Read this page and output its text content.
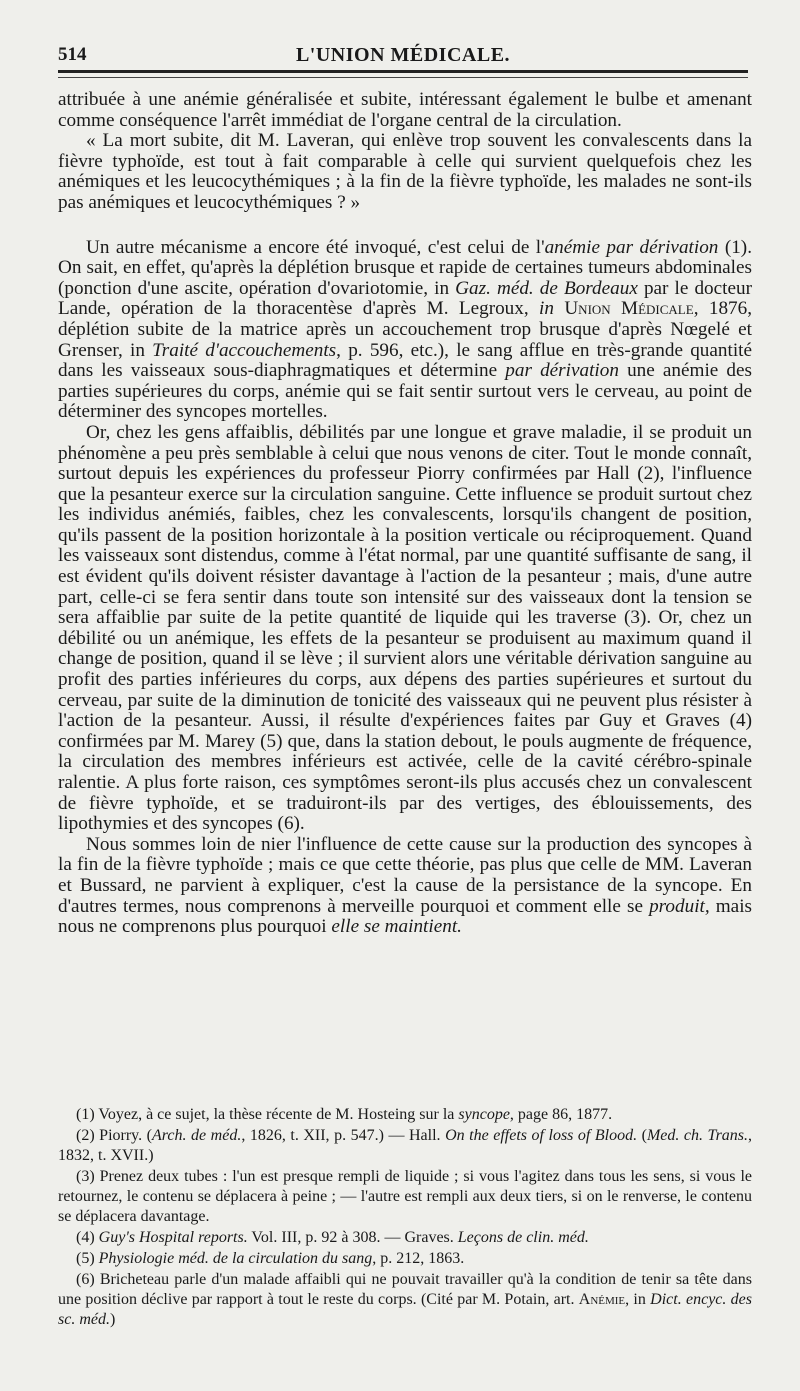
514	L'UNION MÉDICALE.

attribuée à une anémie généralisée et subite, intéressant également le bulbe et amenant comme conséquence l'arrêt immédiat de l'organe central de la circulation.

« La mort subite, dit M. Laveran, qui enlève trop souvent les convalescents dans la fièvre typhoïde, est tout à fait comparable à celle qui survient quelquefois chez les anémiques et les leucocythémiques ; à la fin de la fièvre typhoïde, les malades ne sont-ils pas anémiques et leucocythémiques ? »

Un autre mécanisme a encore été invoqué, c'est celui de l'anémie par dérivation (1). On sait, en effet, qu'après la déplétion brusque et rapide de certaines tumeurs abdominales (ponction d'une ascite, opération d'ovariotomie, in Gaz. méd. de Bordeaux par le docteur Lande, opération de la thoracentèse d'après M. Legroux, in Union Médicale, 1876, déplétion subite de la matrice après un accouchement trop brusque d'après Nœgelé et Grenser, in Traité d'accouchements, p. 596, etc.), le sang afflue en très-grande quantité dans les vaisseaux sous-diaphragmatiques et détermine par dérivation une anémie des parties supérieures du corps, anémie qui se fait sentir surtout vers le cerveau, au point de déterminer des syncopes mortelles.

Or, chez les gens affaiblis, débilités par une longue et grave maladie, il se produit un phénomène a peu près semblable à celui que nous venons de citer. Tout le monde connaît, surtout depuis les expériences du professeur Piorry confirmées par Hall (2), l'influence que la pesanteur exerce sur la circulation sanguine. Cette influence se produit surtout chez les individus anémiés, faibles, chez les convalescents, lorsqu'ils changent de position, qu'ils passent de la position horizontale à la position verticale ou réciproquement. Quand les vaisseaux sont distendus, comme à l'état normal, par une quantité suffisante de sang, il est évident qu'ils doivent résister davantage à l'action de la pesanteur ; mais, d'une autre part, celle-ci se fera sentir dans toute son intensité sur des vaisseaux dont la tension se sera affaiblie par suite de la petite quantité de liquide qui les traverse (3). Or, chez un débilité ou un anémique, les effets de la pesanteur se produisent au maximum quand il change de position, quand il se lève ; il survient alors une véritable dérivation sanguine au profit des parties inférieures du corps, aux dépens des parties supérieures et surtout du cerveau, par suite de la diminution de tonicité des vaisseaux qui ne peuvent plus résister à l'action de la pesanteur. Aussi, il résulte d'expériences faites par Guy et Graves (4) confirmées par M. Marey (5) que, dans la station debout, le pouls augmente de fréquence, la circulation des membres inférieurs est activée, celle de la cavité cérébro-spinale ralentie. A plus forte raison, ces symptômes seront-ils plus accusés chez un convalescent de fièvre typhoïde, et se traduiront-ils par des vertiges, des éblouissements, des lipothymies et des syncopes (6).

Nous sommes loin de nier l'influence de cette cause sur la production des syncopes à la fin de la fièvre typhoïde ; mais ce que cette théorie, pas plus que celle de MM. Laveran et Bussard, ne parvient à expliquer, c'est la cause de la persistance de la syncope. En d'autres termes, nous comprenons à merveille pourquoi et comment elle se produit, mais nous ne comprenons plus pourquoi elle se maintient.

(1) Voyez, à ce sujet, la thèse récente de M. Hosteing sur la syncope, page 86, 1877.

(2) Piorry. (Arch. de méd., 1826, t. XII, p. 547.) — Hall. On the effets of loss of Blood. (Med. ch. Trans., 1832, t. XVII.)

(3) Prenez deux tubes : l'un est presque rempli de liquide ; si vous l'agitez dans tous les sens, si vous le retournez, le contenu se déplacera à peine ; — l'autre est rempli aux deux tiers, si on le renverse, le contenu se déplacera davantage.

(4) Guy's Hospital reports. Vol. III, p. 92 à 308. — Graves. Leçons de clin. méd.

(5) Physiologie méd. de la circulation du sang, p. 212, 1863.

(6) Bricheteau parle d'un malade affaibli qui ne pouvait travailler qu'à la condition de tenir sa tête dans une position déclive par rapport à tout le reste du corps. (Cité par M. Potain, art. Anémie, in Dict. encyc. des sc. méd.)
